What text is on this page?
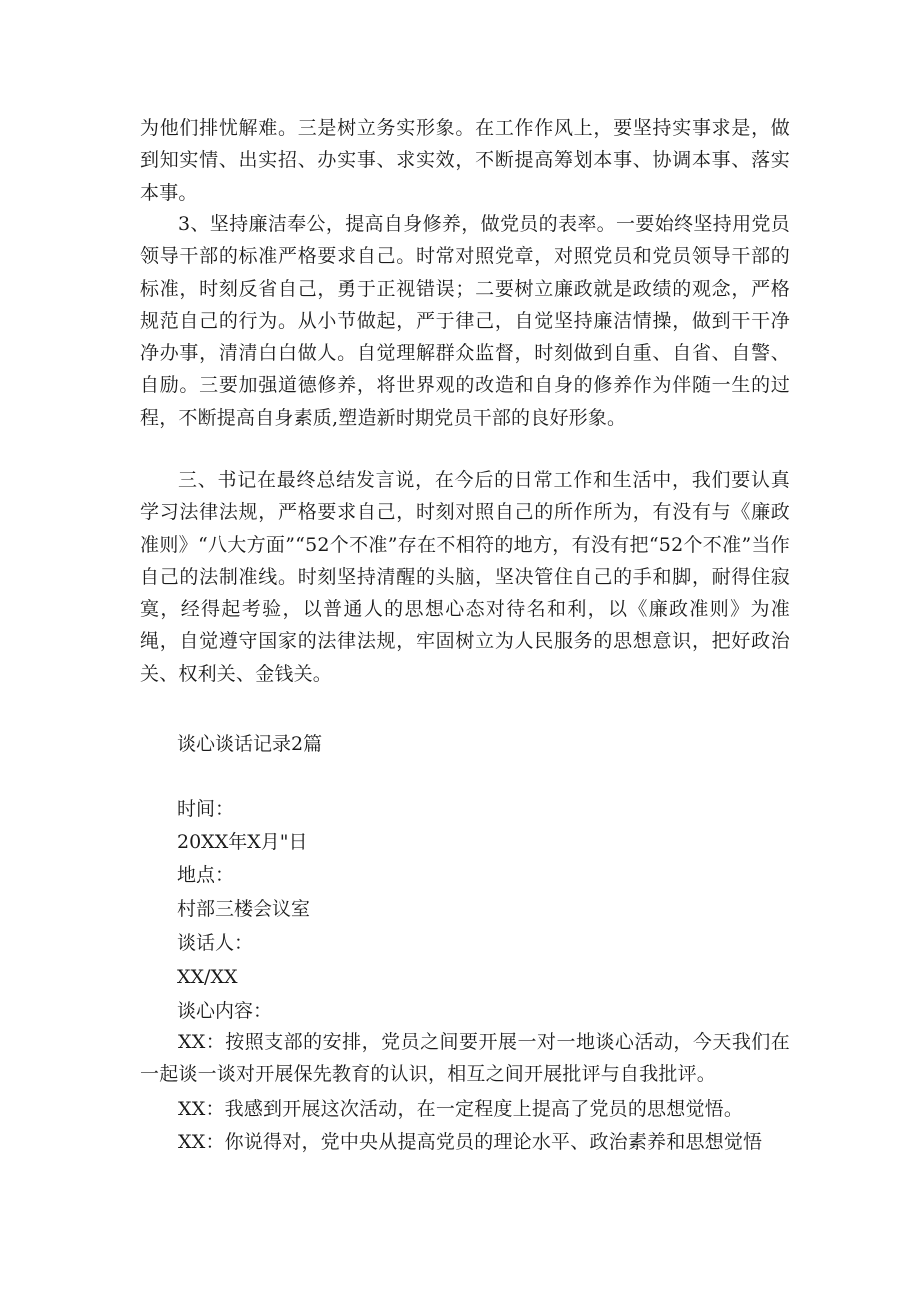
为他们排忧解难。三是树立务实形象。在工作作风上，要坚持实事求是，做到知实情、出实招、办实事、求实效，不断提高筹划本事、协调本事、落实本事。

3、坚持廉洁奉公，提高自身修养，做党员的表率。一要始终坚持用党员领导干部的标准严格要求自己。时常对照党章，对照党员和党员领导干部的标准，时刻反省自己，勇于正视错误；二要树立廉政就是政绩的观念，严格规范自己的行为。从小节做起，严于律己，自觉坚持廉洁情操，做到干干净净办事，清清白白做人。自觉理解群众监督，时刻做到自重、自省、自警、自励。三要加强道德修养，将世界观的改造和自身的修养作为伴随一生的过程，不断提高自身素质,塑造新时期党员干部的良好形象。

三、书记在最终总结发言说，在今后的日常工作和生活中，我们要认真学习法律法规，严格要求自己，时刻对照自己的所作所为，有没有与《廉政准则》“八大方面”“52个不准”存在不相符的地方，有没有把“52个不准”当作自己的法制准线。时刻坚持清醒的头脑，坚决管住自己的手和脚，耐得住寂寞，经得起考验，以普通人的思想心态对待名和利，以《廉政准则》为准绳，自觉遵守国家的法律法规，牢固树立为人民服务的思想意识，把好政治关、权利关、金钱关。

谈心谈话记录2篇

时间：

20XX年X月"日

地点：

村部三楼会议室

谈话人：

XX/XX

谈心内容：

XX：按照支部的安排，党员之间要开展一对一地谈心活动，今天我们在一起谈一谈对开展保先教育的认识，相互之间开展批评与自我批评。

XX：我感到开展这次活动，在一定程度上提高了党员的思想觉悟。

XX：你说得对，党中央从提高党员的理论水平、政治素养和思想觉悟
